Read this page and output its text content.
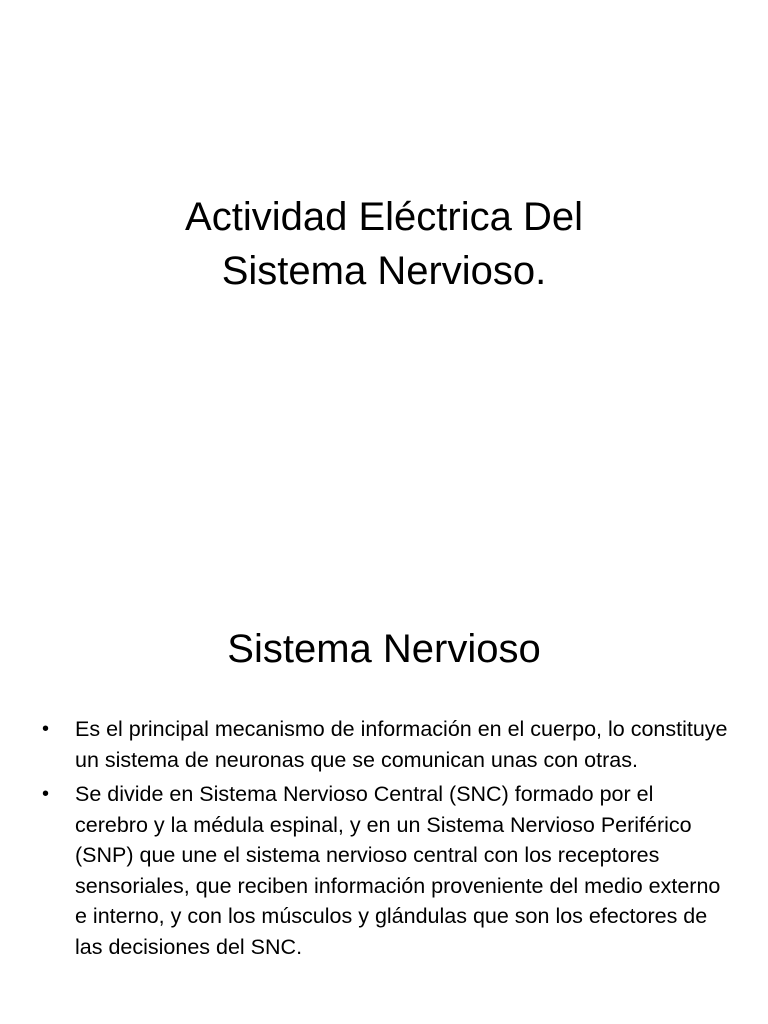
Actividad Eléctrica Del
Sistema Nervioso.
Sistema Nervioso
• Es el principal mecanismo de información en el cuerpo, lo constituye un sistema de neuronas que se comunican unas con otras.
• Se divide en Sistema Nervioso Central (SNC) formado por el cerebro y la médula espinal, y en un Sistema Nervioso Periférico (SNP) que une el sistema nervioso central con los receptores sensoriales, que reciben información proveniente del medio externo e interno, y con los músculos y glándulas que son los efectores de las decisiones del SNC.
